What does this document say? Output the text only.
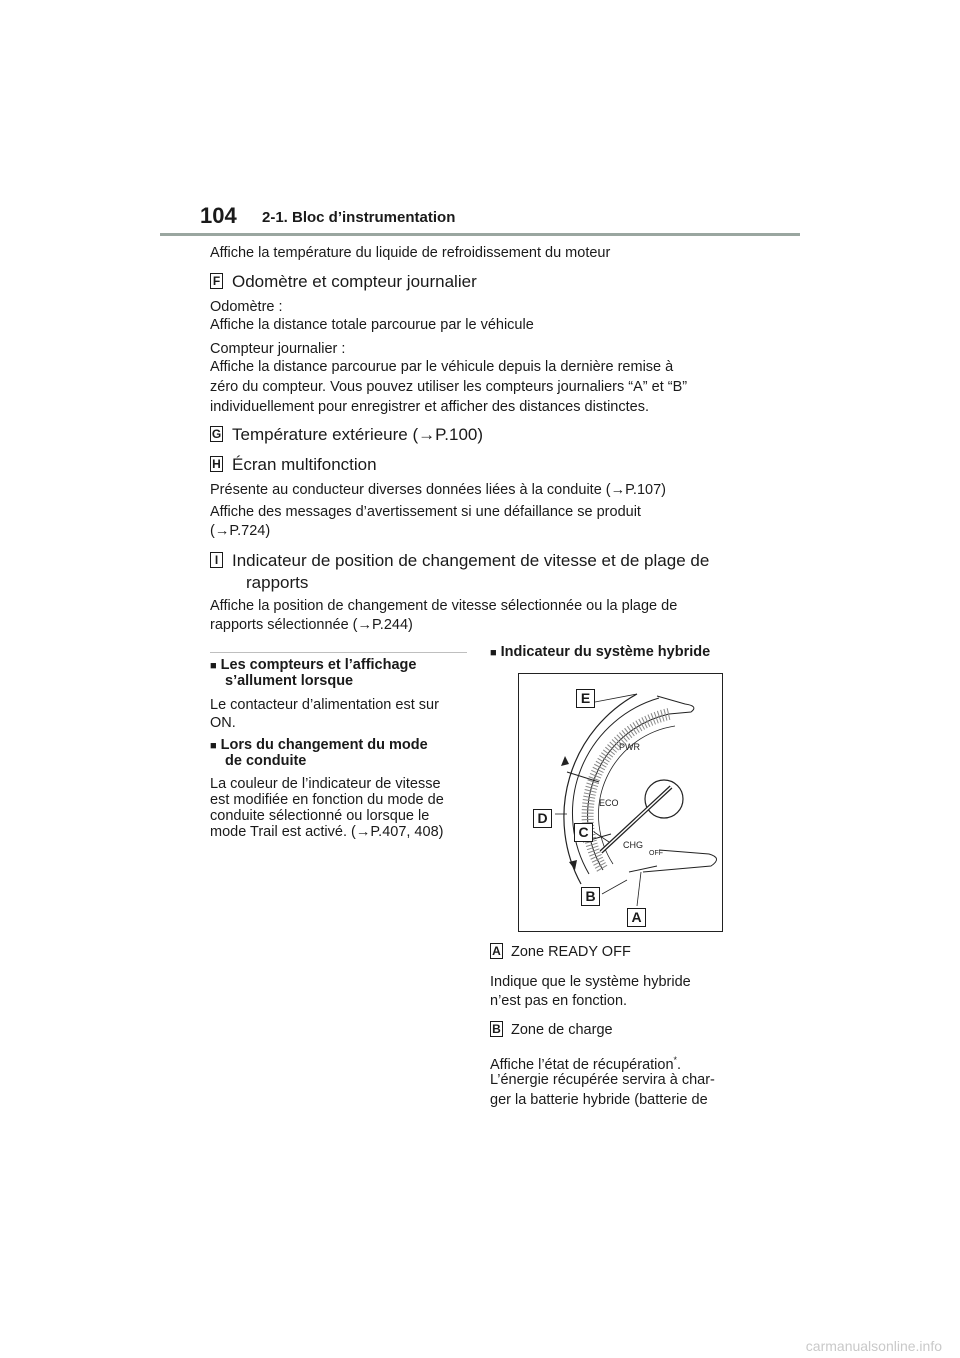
104 2-1. Bloc d’instrumentation
Affiche la température du liquide de refroidissement du moteur
F Odomètre et compteur journalier
Odomètre :
Affiche la distance totale parcourue par le véhicule
Compteur journalier :
Affiche la distance parcourue par le véhicule depuis la dernière remise à
zéro du compteur. Vous pouvez utiliser les compteurs journaliers “A” et “B”
individuellement pour enregistrer et afficher des distances distinctes.
G Température extérieure (→P.100)
H Écran multifonction
Présente au conducteur diverses données liées à la conduite (→P.107)
Affiche des messages d’avertissement si une défaillance se produit
(→P.724)
I Indicateur de position de changement de vitesse et de plage de
rapports
Affiche la position de changement de vitesse sélectionnée ou la plage de
rapports sélectionnée (→P.244)
■ Les compteurs et l’affichage
s’allument lorsque
Le contacteur d’alimentation est sur
ON.
■ Lors du changement du mode
de conduite
La couleur de l’indicateur de vitesse
est modifiée en fonction du mode de
conduite sélectionné ou lorsque le
mode Trail est activé. (→P.407, 408)
■ Indicateur du système hybride
PWR
ECO
CHG
OFF
E
D
C
B
A
A Zone READY OFF
Indique que le système hybride
n’est pas en fonction.
B Zone de charge
Affiche l’état de récupération*.
L’énergie récupérée servira à char-
ger la batterie hybride (batterie de
carmanualsonline.info
